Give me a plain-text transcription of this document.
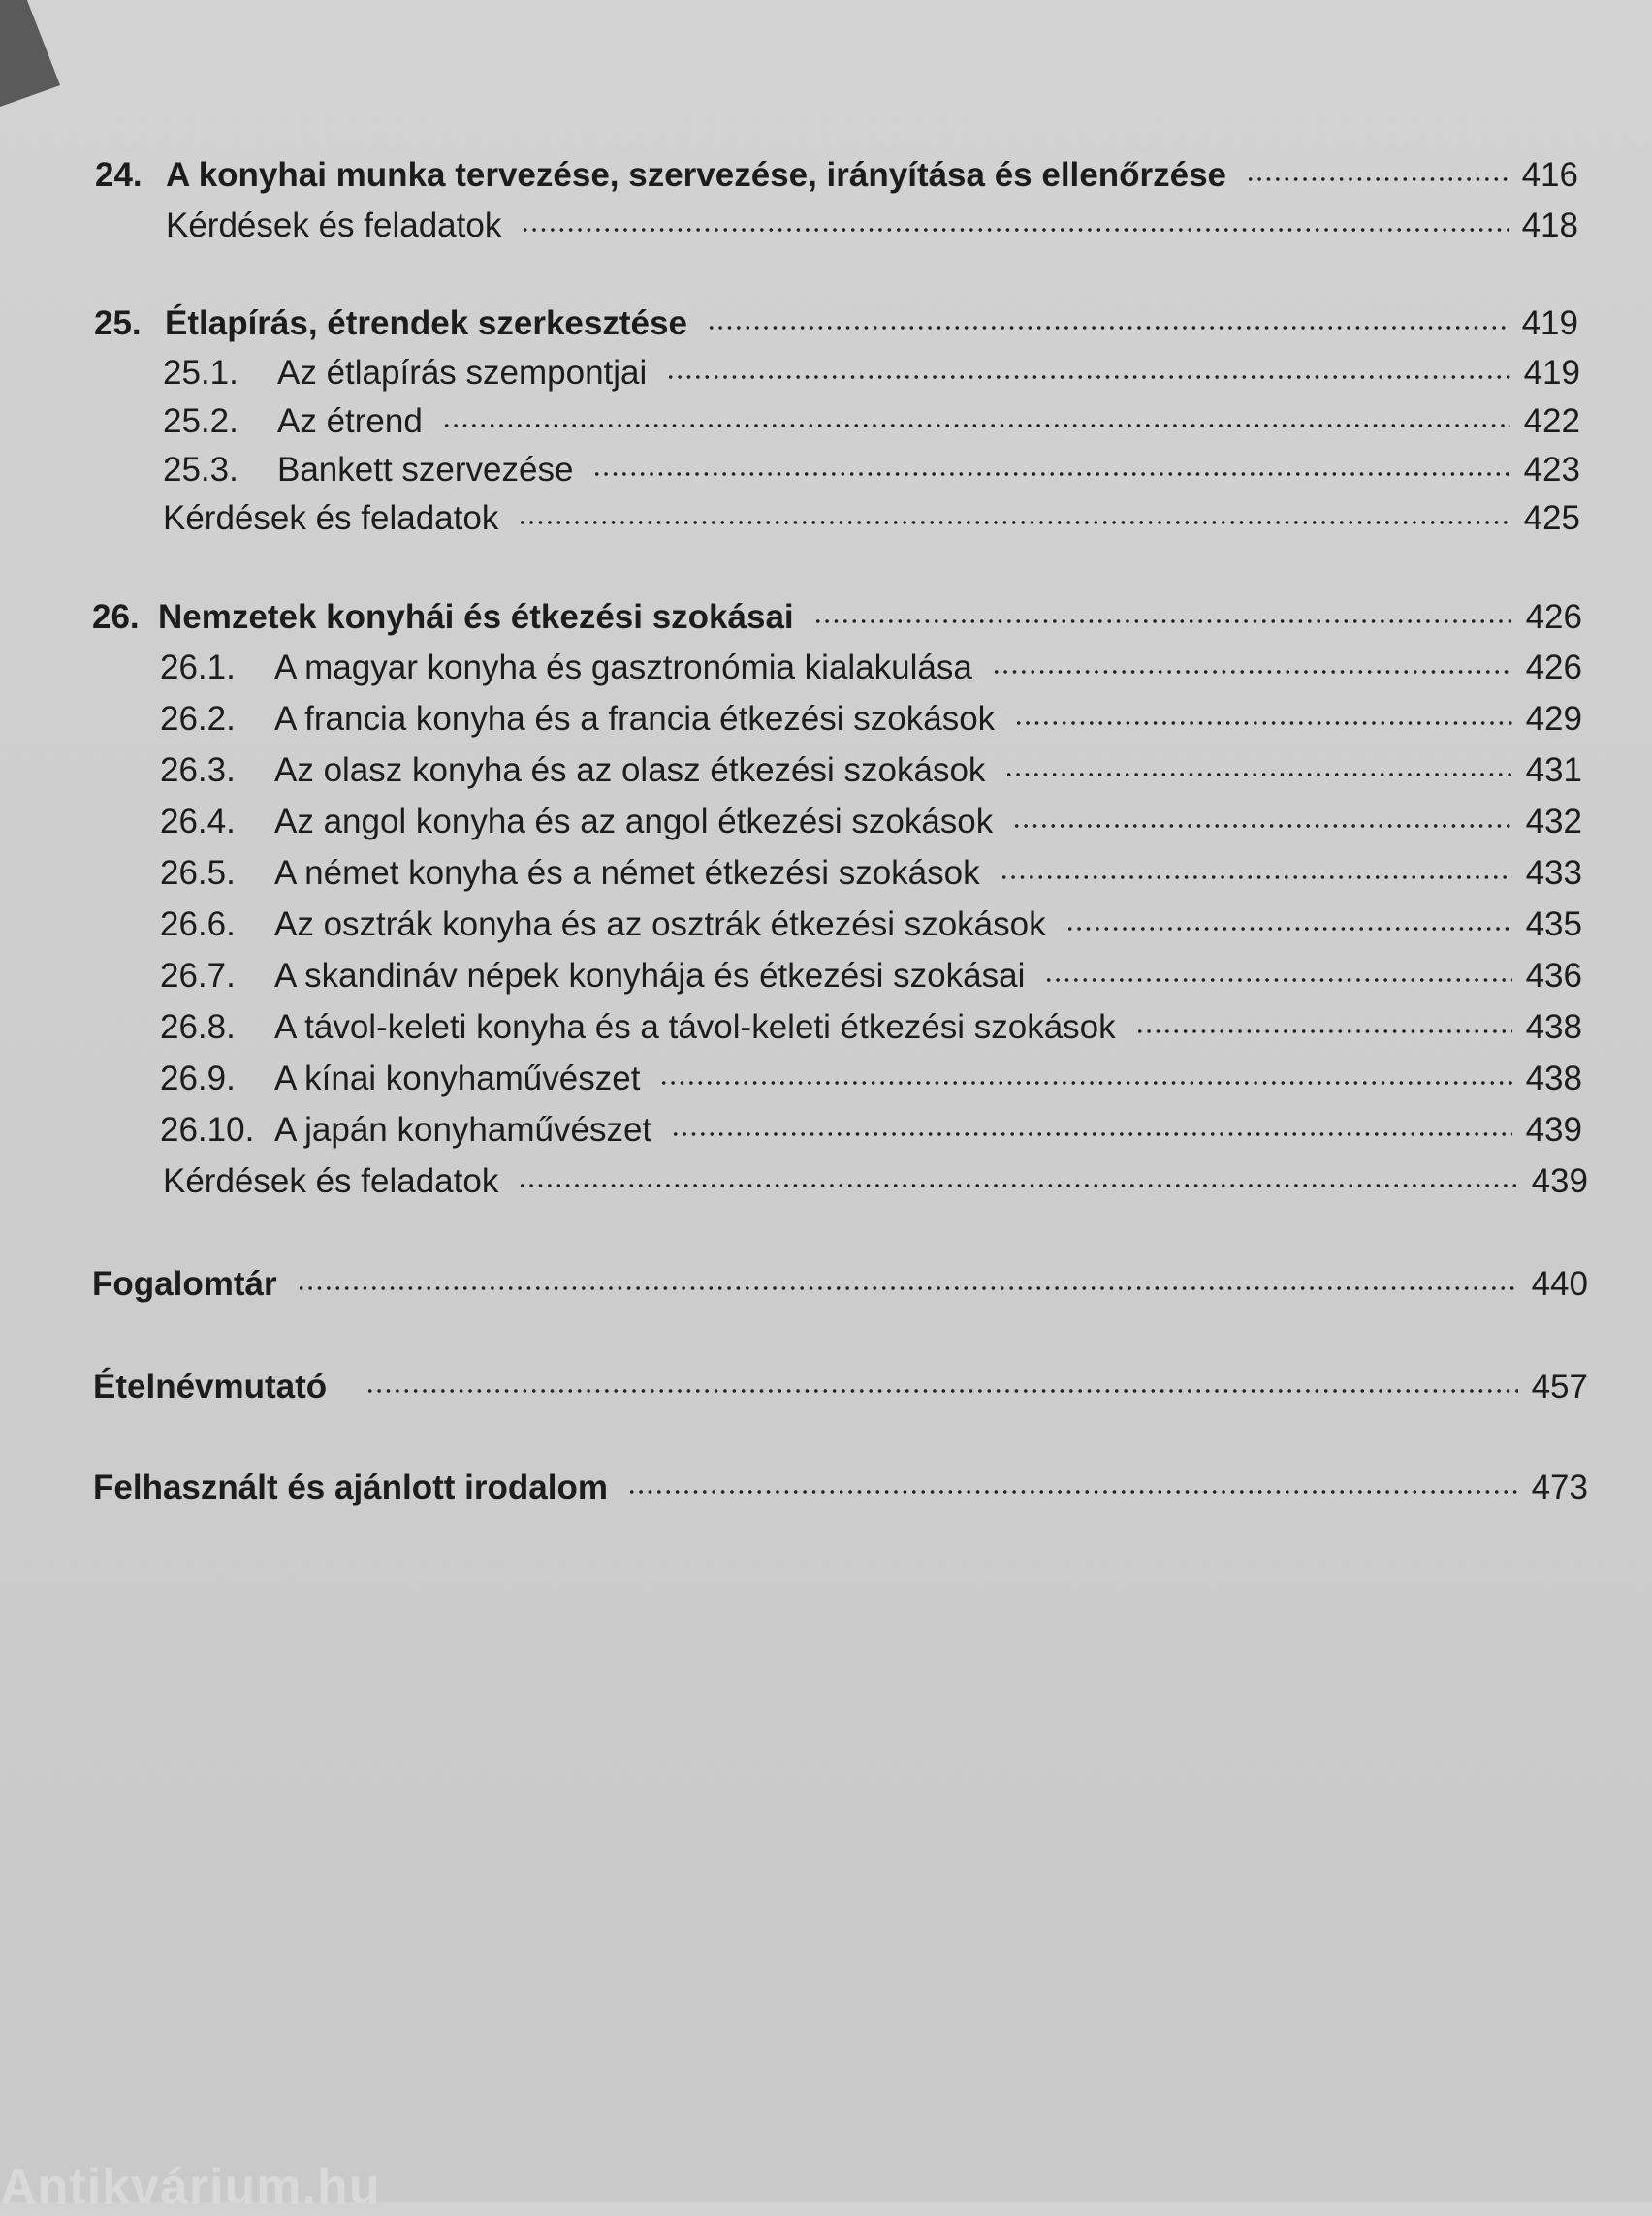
24. A konyhai munka tervezése, szervezése, irányítása és ellenőrzése	416
Kérdések és feladatok	418
25. Étlapírás, étrendek szerkesztése	419
25.1.	Az étlapírás szempontjai	419
25.2.	Az étrend	422
25.3.	Bankett szervezése	423
Kérdések és feladatok	425
26. Nemzetek konyhái és étkezési szokásai	426
26.1.	A magyar konyha és gasztronómia kialakulása	426
26.2.	A francia konyha és a francia étkezési szokások	429
26.3.	Az olasz konyha és az olasz étkezési szokások	431
26.4.	Az angol konyha és az angol étkezési szokások	432
26.5.	A német konyha és a német étkezési szokások	433
26.6.	Az osztrák konyha és az osztrák étkezési szokások	435
26.7.	A skandináv népek konyhája és étkezési szokásai	436
26.8.	A távol-keleti konyha és a távol-keleti étkezési szokások	438
26.9.	A kínai konyhaművészet	438
26.10. A japán konyhaművészet	439
Kérdések és feladatok	439
Fogalomtár	440
Ételnévmutató	457
Felhasznált és ajánlott irodalom	473
Antikvárium.hu
